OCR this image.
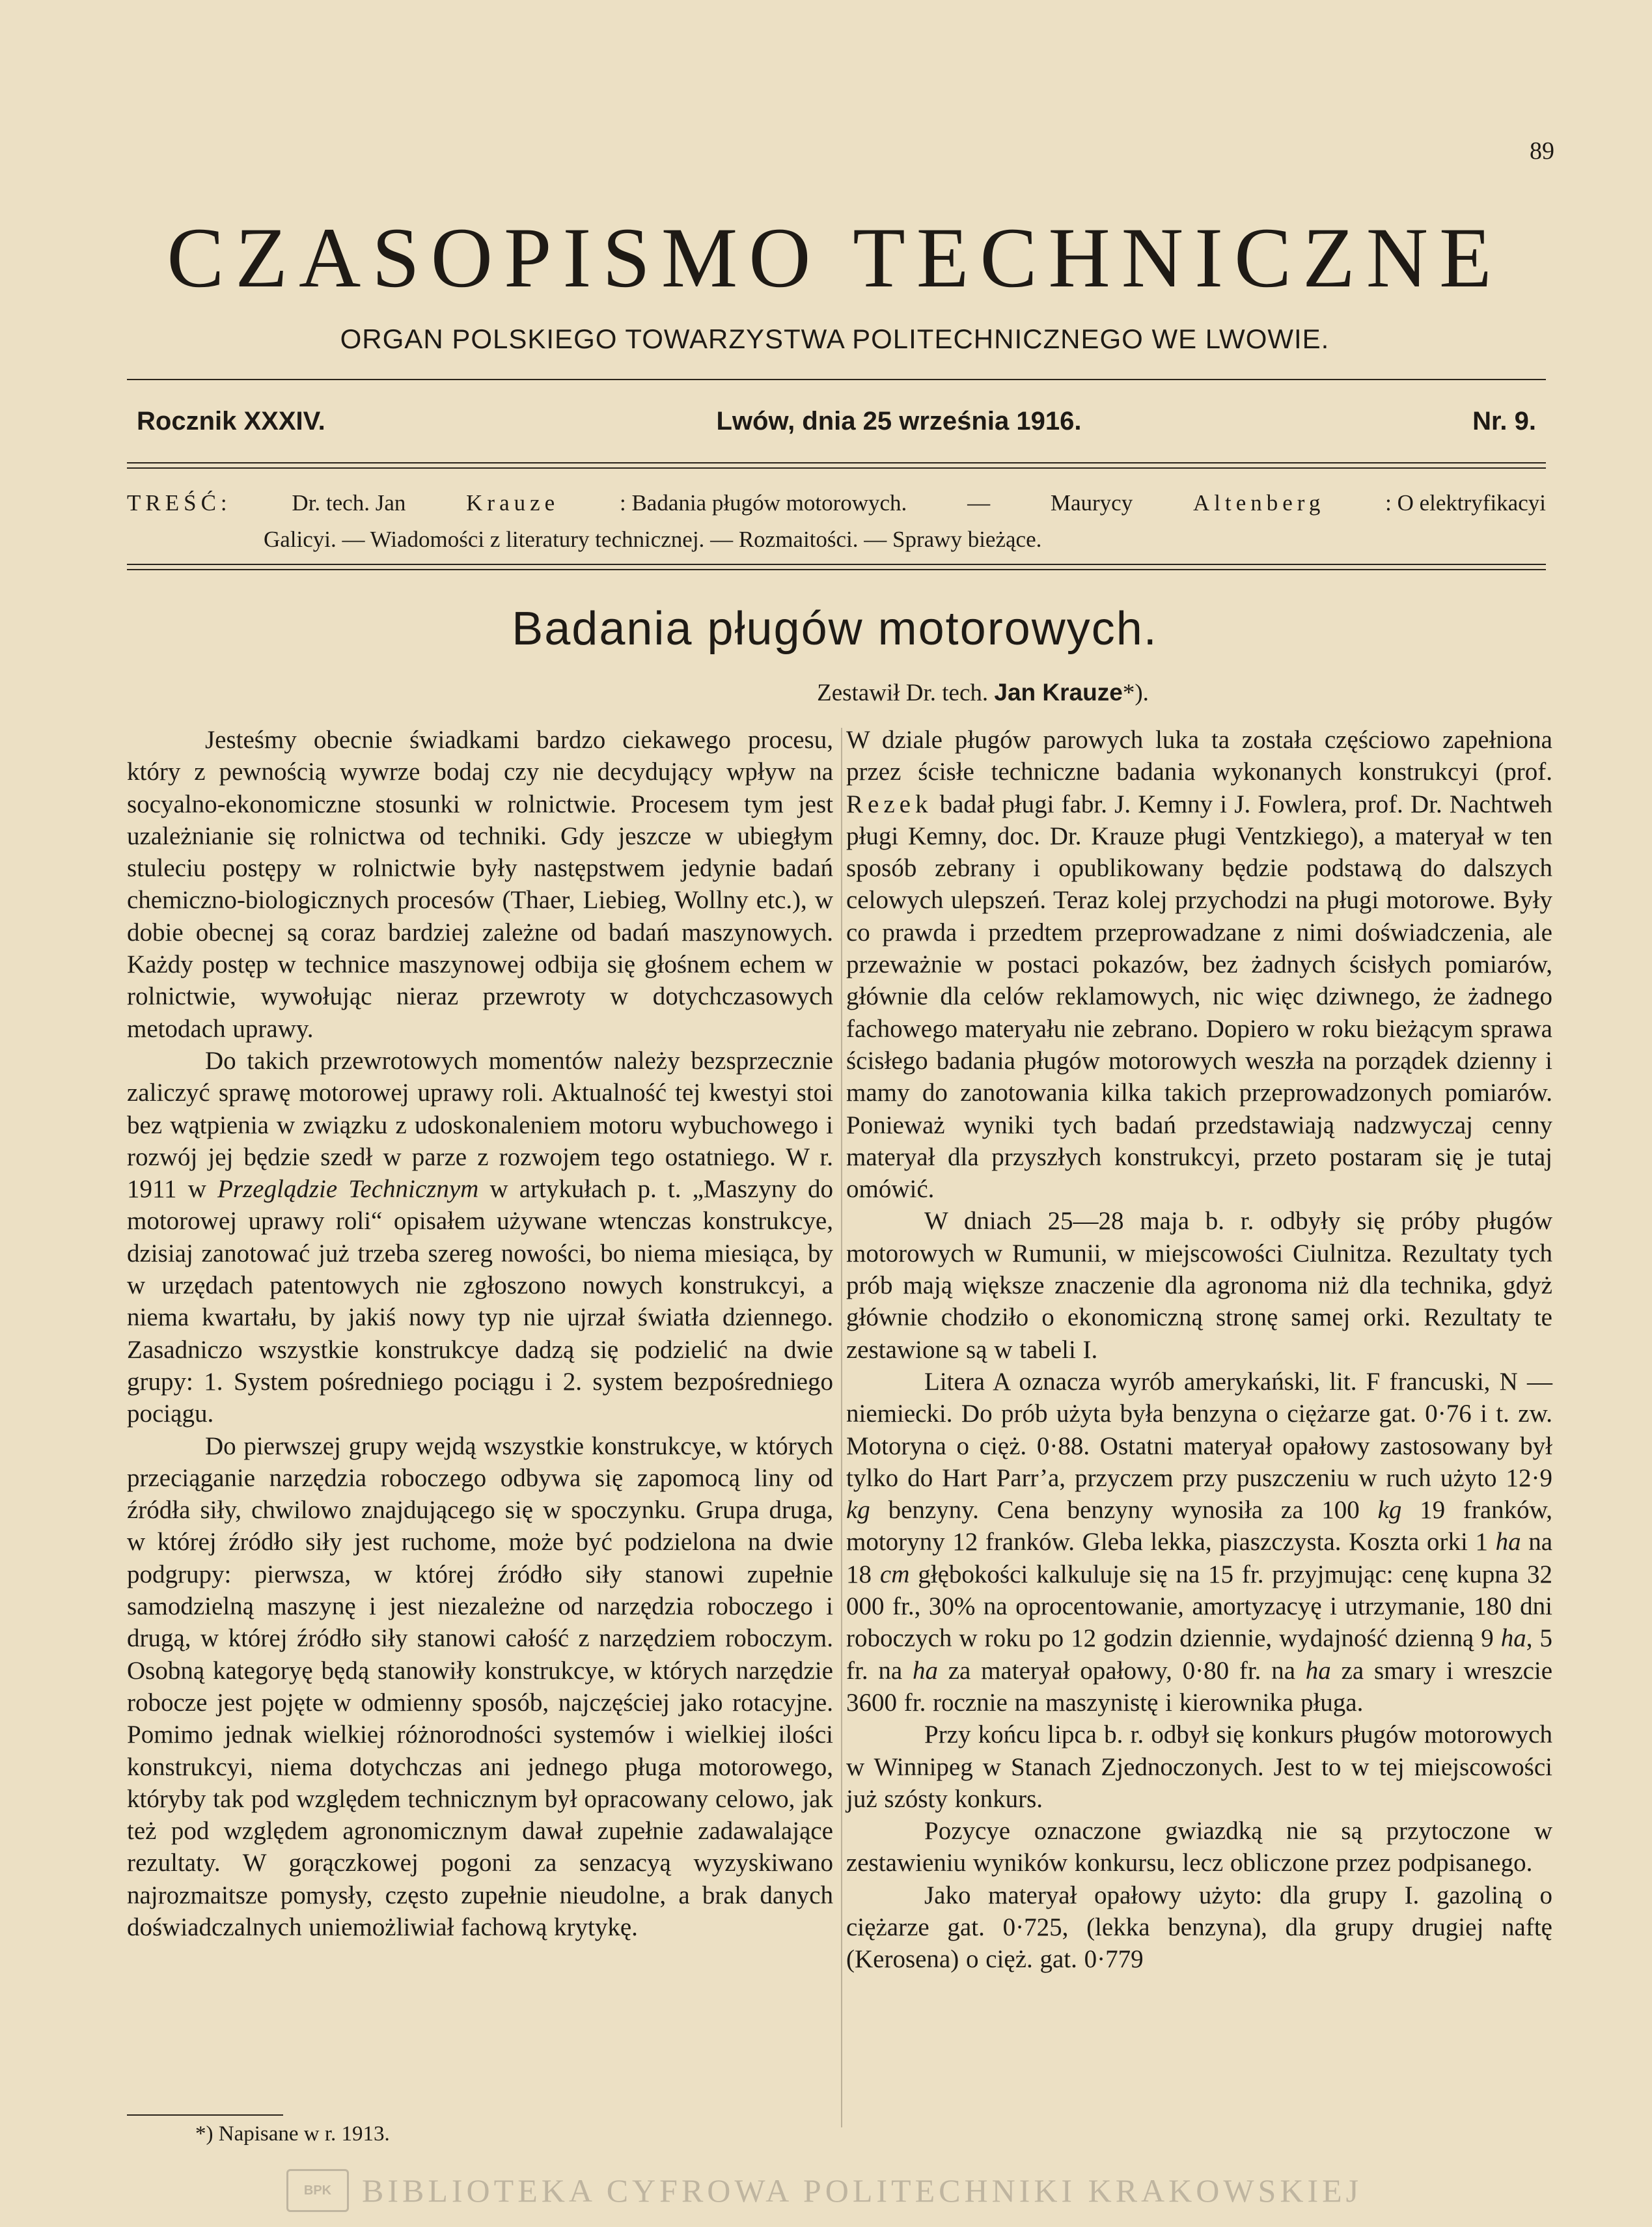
89
CZASOPISMO TECHNICZNE
ORGAN POLSKIEGO TOWARZYSTWA POLITECHNICZNEGO WE LWOWIE.
Rocznik XXXIV.	Lwów, dnia 25 września 1916.	Nr. 9.
TREŚĆ:	Dr. tech. Jan	Krauze	: Badania pługów motorowych.	—	Maurycy	Altenberg	: O elektryfikacyi
Galicyi. — Wiadomości z literatury technicznej. — Rozmaitości. — Sprawy bieżące.
Badania pługów motorowych.
Zestawił Dr. tech. Jan Krauze*).

Jesteśmy obecnie świadkami bardzo ciekawego procesu, który z pewnością wywrze bodaj czy nie decydujący wpływ na socyalno-ekonomiczne stosunki w rolnictwie. Procesem tym jest uzależnianie się rolnictwa od techniki. Gdy jeszcze w ubiegłym stuleciu postępy w rolnictwie były następstwem jedynie badań chemiczno-biologicznych procesów (Thaer, Liebieg, Wollny etc.), w dobie obecnej są coraz bardziej zależne od badań maszynowych. Każdy postęp w technice maszynowej odbija się głośnem echem w rolnictwie, wywołując nieraz przewroty w dotychczasowych metodach uprawy.

Do takich przewrotowych momentów należy bezsprzecznie zaliczyć sprawę motorowej uprawy roli. Aktualność tej kwestyi stoi bez wątpienia w związku z udoskonaleniem motoru wybuchowego i rozwój jej będzie szedł w parze z rozwojem tego ostatniego. W r. 1911 w Przeglądzie Technicznym w artykułach p. t. „Maszyny do motorowej uprawy roli“ opisałem używane wtenczas konstrukcye, dzisiaj zanotować już trzeba szereg nowości, bo niema miesiąca, by w urzędach patentowych nie zgłoszono nowych konstrukcyi, a niema kwartału, by jakiś nowy typ nie ujrzał światła dziennego. Zasadniczo wszystkie konstrukcye dadzą się podzielić na dwie grupy: 1. System pośredniego pociągu i 2. system bezpośredniego pociągu.

Do pierwszej grupy wejdą wszystkie konstrukcye, w których przeciąganie narzędzia roboczego odbywa się zapomocą liny od źródła siły, chwilowo znajdującego się w spoczynku. Grupa druga, w której źródło siły jest ruchome, może być podzielona na dwie podgrupy: pierwsza, w której źródło siły stanowi zupełnie samodzielną maszynę i jest niezależne od narzędzia roboczego i drugą, w której źródło siły stanowi całość z narzędziem roboczym. Osobną kategoryę będą stanowiły konstrukcye, w których narzędzie robocze jest pojęte w odmienny sposób, najczęściej jako rotacyjne. Pomimo jednak wielkiej różnorodności systemów i wielkiej ilości konstrukcyi, niema dotychczas ani jednego pługa motorowego, któryby tak pod względem technicznym był opracowany celowo, jak też pod względem agronomicznym dawał zupełnie zadawalające rezultaty. W gorączkowej pogoni za senzacyą wyzyskiwano najrozmaitsze pomysły, często zupełnie nieudolne, a brak danych doświadczalnych uniemożliwiał fachową krytykę.

W dziale pługów parowych luka ta została częściowo zapełniona przez ścisłe techniczne badania wykonanych konstrukcyi (prof. Rezek badał pługi fabr. J. Kemny i J. Fowlera, prof. Dr. Nachtweh pługi Kemny, doc. Dr. Krauze pługi Ventzkiego), a materyał w ten sposób zebrany i opublikowany będzie podstawą do dalszych celowych ulepszeń. Teraz kolej przychodzi na pługi motorowe. Były co prawda i przedtem przeprowadzane z nimi doświadczenia, ale przeważnie w postaci pokazów, bez żadnych ścisłych pomiarów, głównie dla celów reklamowych, nic więc dziwnego, że żadnego fachowego materyału nie zebrano. Dopiero w roku bieżącym sprawa ścisłego badania pługów motorowych weszła na porządek dzienny i mamy do zanotowania kilka takich przeprowadzonych pomiarów. Ponieważ wyniki tych badań przedstawiają nadzwyczaj cenny materyał dla przyszłych konstrukcyi, przeto postaram się je tutaj omówić.

W dniach 25—28 maja b. r. odbyły się próby pługów motorowych w Rumunii, w miejscowości Ciulnitza. Rezultaty tych prób mają większe znaczenie dla agronoma niż dla technika, gdyż głównie chodziło o ekonomiczną stronę samej orki. Rezultaty te zestawione są w tabeli I.

Litera A oznacza wyrób amerykański, lit. F francuski, N — niemiecki. Do prób użyta była benzyna o ciężarze gat. 0·76 i t. zw. Motoryna o cięż. 0·88. Ostatni materyał opałowy zastosowany był tylko do Hart Parr’a, przyczem przy puszczeniu w ruch użyto 12·9 kg benzyny. Cena benzyny wynosiła za 100 kg 19 franków, motoryny 12 franków. Gleba lekka, piaszczysta. Koszta orki 1 ha na 18 cm głębokości kalkuluje się na 15 fr. przyjmując: cenę kupna 32 000 fr., 30% na oprocentowanie, amortyzacyę i utrzymanie, 180 dni roboczych w roku po 12 godzin dziennie, wydajność dzienną 9 ha, 5 fr. na ha za materyał opałowy, 0·80 fr. na ha za smary i wreszcie 3600 fr. rocznie na maszynistę i kierownika pługa.

Przy końcu lipca b. r. odbył się konkurs pługów motorowych w Winnipeg w Stanach Zjednoczonych. Jest to w tej miejscowości już szósty konkurs.

Pozycye oznaczone gwiazdką nie są przytoczone w zestawieniu wyników konkursu, lecz obliczone przez podpisanego.

Jako materyał opałowy użyto: dla grupy I. gazoliną o ciężarze gat. 0·725, (lekka benzyna), dla grupy drugiej naftę (Kerosena) o cięż. gat. 0·779

*) Napisane w r. 1913.
BPK BIBLIOTEKA CYFROWA POLITECHNIKI KRAKOWSKIEJ
